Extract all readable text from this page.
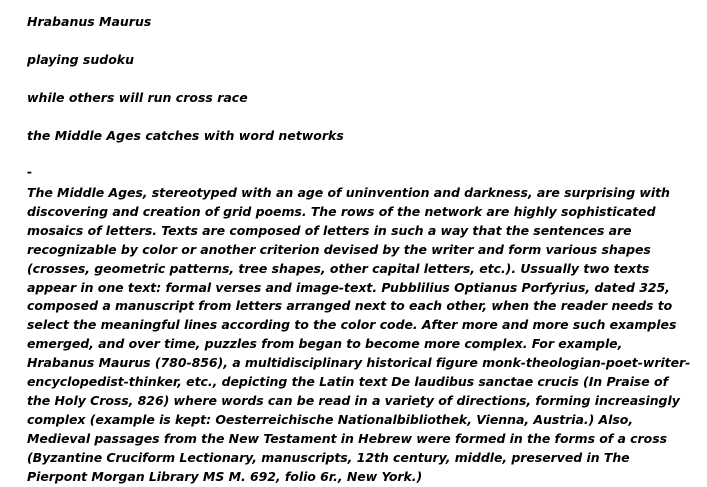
Hrabanus Maurus
playing sudoku
while others will run cross race
the Middle Ages catches with word networks
-
The Middle Ages, stereotyped with an age of uninvention and darkness, are surprising with discovering and creation of grid poems. The rows of the network are highly sophisticated mosaics of letters. Texts are composed of letters in such a way that the sentences are recognizable by color or another criterion devised by the writer and form various shapes (crosses, geometric patterns, tree shapes, other capital letters, etc.). Ussually two texts appear in one text: formal verses and image-text. Pubblilius Optianus Porfyrius, dated 325, composed a manuscript from letters arranged next to each other, when the reader needs to select the meaningful lines according to the color code. After more and more such examples emerged, and over time, puzzles from began to become more complex. For example, Hrabanus Maurus (780-856), a multidisciplinary historical figure monk-theologian-poet-writer-encyclopedist-thinker, etc., depicting the Latin text De laudibus sanctae crucis (In Praise of the Holy Cross, 826) where words can be read in a variety of directions, forming increasingly complex (example is kept: Oesterreichische Nationalbibliothek, Vienna, Austria.) Also, Medieval passages from the New Testament in Hebrew were formed in the forms of a cross (Byzantine Cruciform Lectionary, manuscripts, 12th century, middle, preserved in The Pierpont Morgan Library MS M. 692, folio 6r., New York.)
